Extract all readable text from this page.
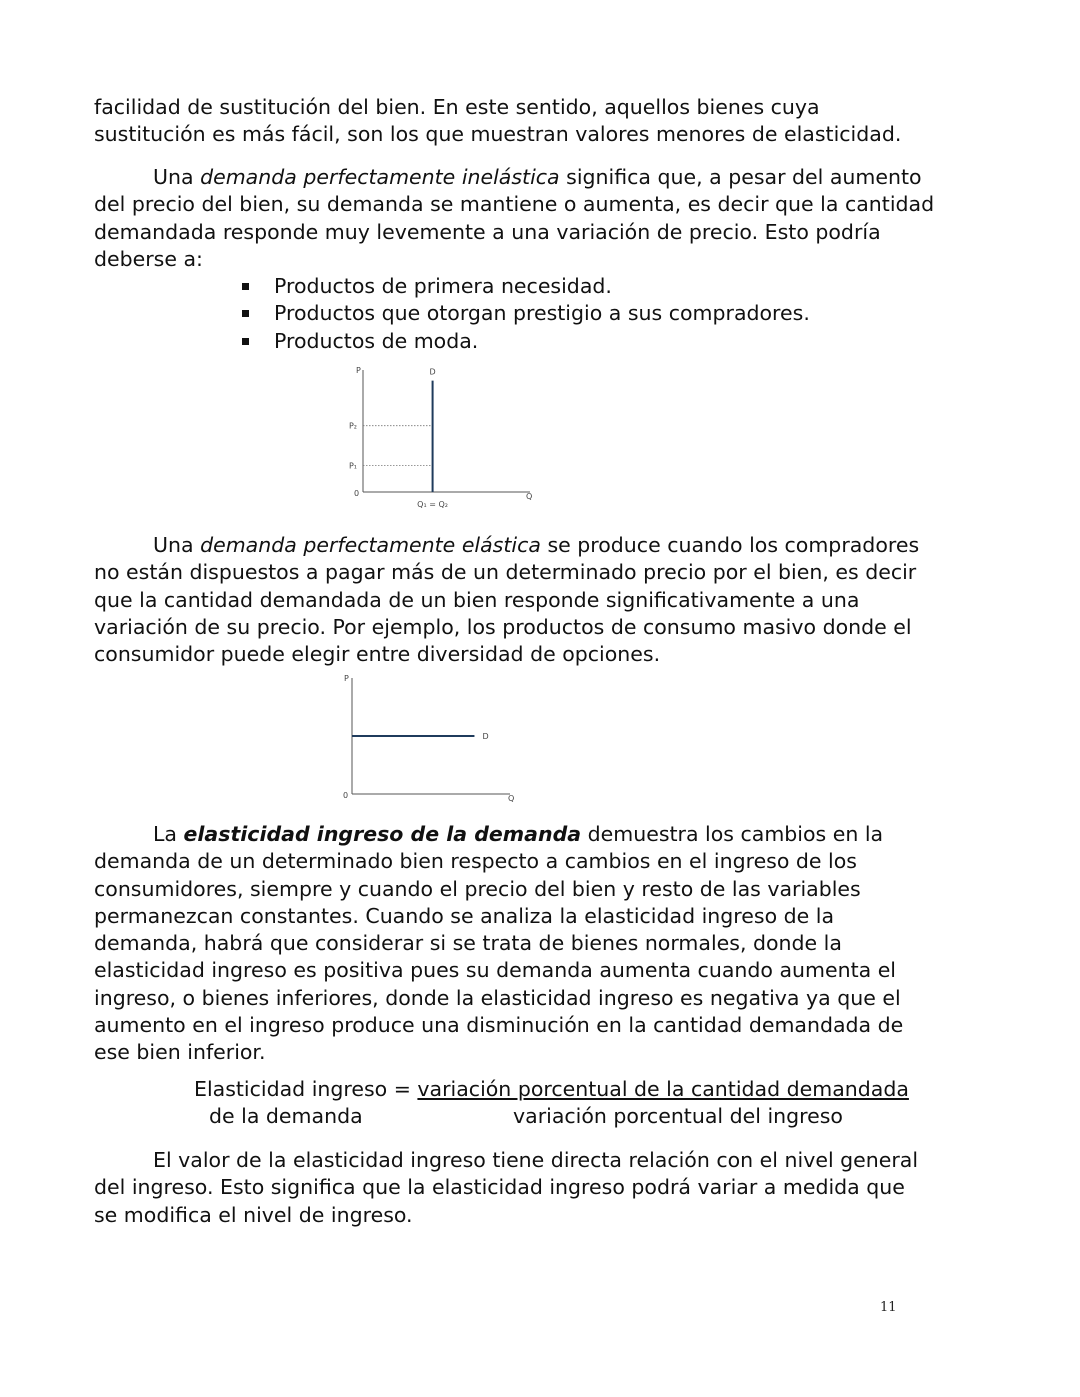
facilidad de sustitución del bien. En este sentido, aquellos bienes cuya
sustitución es más fácil, son los que muestran valores menores de elasticidad.

Una demanda perfectamente inelástica significa que, a pesar del aumento
del precio del bien, su demanda se mantiene o aumenta, es decir que la cantidad
demandada responde muy levemente a una variación de precio. Esto podría
deberse a:

Productos de primera necesidad.
Productos que otorgan prestigio a sus compradores.
Productos de moda.
P
Q
0
P₂
P₁
Q₁ = Q₂
D

Una demanda perfectamente elástica se produce cuando los compradores
no están dispuestos a pagar más de un determinado precio por el bien, es decir
que la cantidad demandada de un bien responde significativamente a una
variación de su precio. Por ejemplo, los productos de consumo masivo donde el
consumidor puede elegir entre diversidad de opciones.

P
Q
0
D

La elasticidad ingreso de la demanda demuestra los cambios en la
demanda de un determinado bien respecto a cambios en el ingreso de los
consumidores, siempre y cuando el precio del bien y resto de las variables
permanezcan constantes. Cuando se analiza la elasticidad ingreso de la
demanda, habrá que considerar si se trata de bienes normales, donde la
elasticidad ingreso es positiva pues su demanda aumenta cuando aumenta el
ingreso, o bienes inferiores, donde la elasticidad ingreso es negativa ya que el
aumento en el ingreso produce una disminución en la cantidad demandada de
ese bien inferior.

Elasticidad ingreso = variación porcentual de la cantidad demandada
de la demanda	variación porcentual del ingreso

El valor de la elasticidad ingreso tiene directa relación con el nivel general
del ingreso. Esto significa que la elasticidad ingreso podrá variar a medida que
se modifica el nivel de ingreso.

11
